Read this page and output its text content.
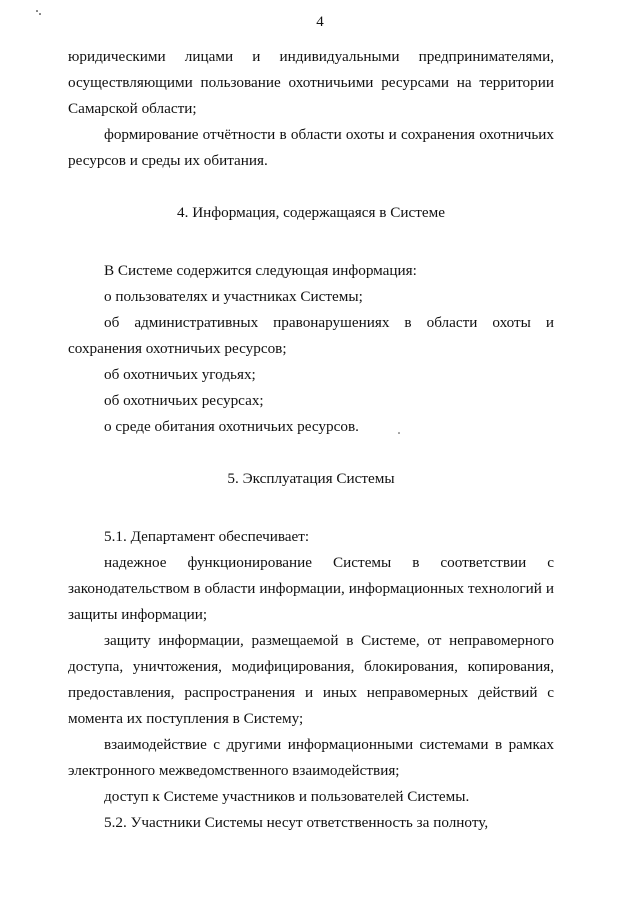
4

юридическими лицами и индивидуальными предпринимателями, осуществляющими пользование охотничьими ресурсами на территории Самарской области;

формирование отчётности в области охоты и сохранения охотничьих ресурсов и среды их обитания.

4. Информация, содержащаяся в Системе

В Системе содержится следующая информация:

о пользователях и участниках Системы;

об административных правонарушениях в области охоты и сохранения охотничьих ресурсов;

об охотничьих угодьях;

об охотничьих ресурсах;

о среде обитания охотничьих ресурсов.

5. Эксплуатация Системы

5.1. Департамент обеспечивает:

надежное функционирование Системы в соответствии с законодательством в области информации, информационных технологий и защиты информации;

защиту информации, размещаемой в Системе, от неправомерного доступа, уничтожения, модифицирования, блокирования, копирования, предоставления, распространения и иных неправомерных действий с момента их поступления в Систему;

взаимодействие с другими информационными системами в рамках электронного межведомственного взаимодействия;

доступ к Системе участников и пользователей Системы.

5.2. Участники Системы несут ответственность за полноту,
